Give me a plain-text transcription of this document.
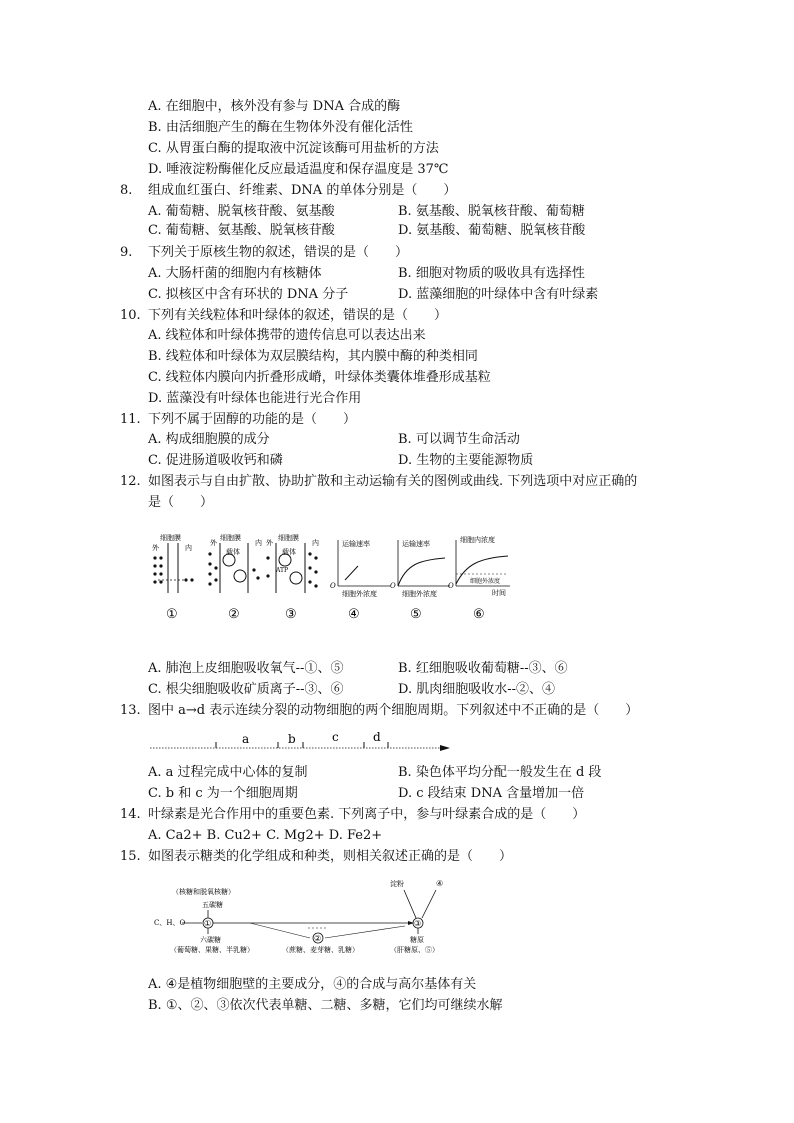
A. 在细胞中，核外没有参与 DNA 合成的酶
B. 由活细胞产生的酶在生物体外没有催化活性
C. 从胃蛋白酶的提取液中沉淀该酶可用盐析的方法
D. 唾液淀粉酶催化反应最适温度和保存温度是 37℃
8. 组成血红蛋白、纤维素、DNA 的单体分别是（　　）
A. 葡萄糖、脱氧核苷酸、氨基酸	B. 氨基酸、脱氧核苷酸、葡萄糖
C. 葡萄糖、氨基酸、脱氧核苷酸	D. 氨基酸、葡萄糖、脱氧核苷酸
9. 下列关于原核生物的叙述，错误的是（　　）
A. 大肠杆菌的细胞内有核糖体	B. 细胞对物质的吸收具有选择性
C. 拟核区中含有环状的 DNA 分子	D. 蓝藻细胞的叶绿体中含有叶绿素
10. 下列有关线粒体和叶绿体的叙述，错误的是（　　）
A. 线粒体和叶绿体携带的遗传信息可以表达出来
B. 线粒体和叶绿体为双层膜结构，其内膜中酶的种类相同
C. 线粒体内膜向内折叠形成嵴，叶绿体类囊体堆叠形成基粒
D. 蓝藻没有叶绿体也能进行光合作用
11. 下列不属于固醇的功能的是（　　）
A. 构成细胞膜的成分	B. 可以调节生命活动
C. 促进肠道吸收钙和磷	D. 生物的主要能源物质
12. 如图表示与自由扩散、协助扩散和主动运输有关的图例或曲线. 下列选项中对应正确的
是（　　）
细胞膜
外	内
①
外
细胞膜
内
载体
②
外
细胞膜
内
载体
ATP
③
运输速率
O
细胞外浓度
④
运输速率
O
细胞外浓度
⑤
细胞内浓度
细胞外浓度
O
时间
⑥
A. 肺泡上皮细胞吸收氧气--①、⑤	B. 红细胞吸收葡萄糖--③、⑥
C. 根尖细胞吸收矿质离子--③、⑥	D. 肌肉细胞吸收水--②、④
13. 图中 a→d 表示连续分裂的动物细胞的两个细胞周期。下列叙述中不正确的是（　　）
a	b	c	d
A. a 过程完成中心体的复制	B. 染色体平均分配一般发生在 d 段
C. b 和 c 为一个细胞周期	D. c 段结束 DNA 含量增加一倍
14. 叶绿素是光合作用中的重要色素. 下列离子中，参与叶绿素合成的是（　　）
A. Ca2+ B. Cu2+ C. Mg2+ D. Fe2+
15. 如图表示糖类的化学组成和种类，则相关叙述正确的是（　　）
（核糖和脱氧核糖）
五碳糖
C、H、O ①
六碳糖
（葡萄糖、果糖、半乳糖）
②
（蔗糖、麦芽糖、乳糖）
淀粉	④
③
糖原
（肝糖原、⑤）
A. ④是植物细胞壁的主要成分，④的合成与高尔基体有关
B. ①、②、③依次代表单糖、二糖、多糖，它们均可继续水解
